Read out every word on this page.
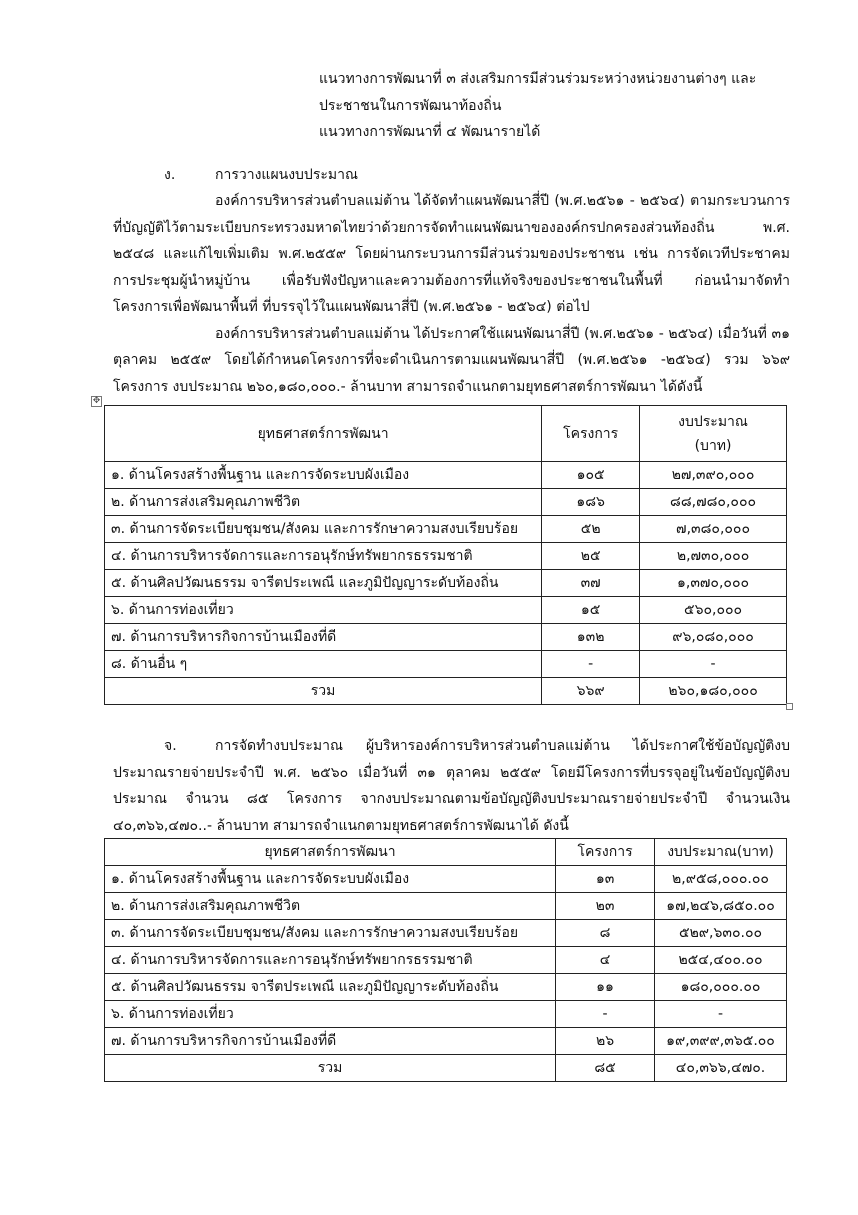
แนวทางการพัฒนาที่ ๓ ส่งเสริมการมีส่วนร่วมระหว่างหน่วยงานต่างๆ และ
ประชาชนในการพัฒนาท้องถิ่น
แนวทางการพัฒนาที่ ๔ พัฒนารายได้
ง.	การวางแผนงบประมาณ

องค์การบริหารส่วนตำบลแม่ต้าน ได้จัดทำแผนพัฒนาสี่ปี (พ.ศ.๒๕๖๑ - ๒๕๖๔) ตามกระบวนการที่บัญญัติไว้ตามระเบียบกระทรวงมหาดไทยว่าด้วยการจัดทำแผนพัฒนาขององค์กรปกครองส่วนท้องถิ่น พ.ศ. ๒๕๔๘ และแก้ไขเพิ่มเติม พ.ศ.๒๕๕๙ โดยผ่านกระบวนการมีส่วนร่วมของประชาชน เช่น การจัดเวทีประชาคม การประชุมผู้นำหมู่บ้าน เพื่อรับฟังปัญหาและความต้องการที่แท้จริงของประชาชนในพื้นที่ ก่อนนำมาจัดทำโครงการเพื่อพัฒนาพื้นที่ ที่บรรจุไว้ในแผนพัฒนาสี่ปี (พ.ศ.๒๕๖๑ - ๒๕๖๔) ต่อไป

องค์การบริหารส่วนตำบลแม่ต้าน ได้ประกาศใช้แผนพัฒนาสี่ปี (พ.ศ.๒๕๖๑ - ๒๕๖๔) เมื่อวันที่ ๓๑ ตุลาคม ๒๕๕๙ โดยได้กำหนดโครงการที่จะดำเนินการตามแผนพัฒนาสี่ปี (พ.ศ.๒๕๖๑ -๒๕๖๔) รวม ๖๖๙ โครงการ งบประมาณ ๒๖๐,๑๘๐,๐๐๐.- ล้านบาท สามารถจำแนกตามยุทธศาสตร์การพัฒนา ได้ดังนี้

✥
ยุทธศาสตร์การพัฒนา	โครงการ	งบประมาณ
(บาท)

๑. ด้านโครงสร้างพื้นฐาน และการจัดระบบผังเมือง	๑๐๕	๒๗,๓๙๐,๐๐๐
๒. ด้านการส่งเสริมคุณภาพชีวิต	๑๘๖	๘๘,๗๘๐,๐๐๐
๓. ด้านการจัดระเบียบชุมชน/สังคม และการรักษาความสงบเรียบร้อย	๕๒	๗,๓๘๐,๐๐๐
๔. ด้านการบริหารจัดการและการอนุรักษ์ทรัพยากรธรรมชาติ	๒๕	๒,๗๓๐,๐๐๐
๕. ด้านศิลปวัฒนธรรม จารีตประเพณี และภูมิปัญญาระดับท้องถิ่น	๓๗	๑,๓๗๐,๐๐๐
๖. ด้านการท่องเที่ยว	๑๕	๕๖๐,๐๐๐
๗. ด้านการบริหารกิจการบ้านเมืองที่ดี	๑๓๒	๙๖,๐๘๐,๐๐๐
๘. ด้านอื่น ๆ	-	-
รวม	๖๖๙	๒๖๐,๑๘๐,๐๐๐

จ.	การจัดทำงบประมาณ ผู้บริหารองค์การบริหารส่วนตำบลแม่ต้าน ได้ประกาศใช้ข้อบัญญัติงบประมาณรายจ่ายประจำปี พ.ศ. ๒๕๖๐ เมื่อวันที่ ๓๑ ตุลาคม ๒๕๕๙ โดยมีโครงการที่บรรจุอยู่ในข้อบัญญัติงบประมาณ จำนวน ๘๕ โครงการ จากงบประมาณตามข้อบัญญัติงบประมาณรายจ่ายประจำปี จำนวนเงิน ๔๐,๓๖๖,๔๗๐..- ล้านบาท สามารถจำแนกตามยุทธศาสตร์การพัฒนาได้ ดังนี้

ยุทธศาสตร์การพัฒนา	โครงการ	งบประมาณ(บาท)
๑. ด้านโครงสร้างพื้นฐาน และการจัดระบบผังเมือง	๑๓	๒,๙๕๘,๐๐๐.๐๐
๒. ด้านการส่งเสริมคุณภาพชีวิต	๒๓	๑๗,๒๔๖,๘๕๐.๐๐
๓. ด้านการจัดระเบียบชุมชน/สังคม และการรักษาความสงบเรียบร้อย	๘	๕๒๙,๖๓๐.๐๐
๔. ด้านการบริหารจัดการและการอนุรักษ์ทรัพยากรธรรมชาติ	๔	๒๕๔,๔๐๐.๐๐
๕. ด้านศิลปวัฒนธรรม จารีตประเพณี และภูมิปัญญาระดับท้องถิ่น	๑๑	๑๘๐,๐๐๐.๐๐
๖. ด้านการท่องเที่ยว	-	-
๗. ด้านการบริหารกิจการบ้านเมืองที่ดี	๒๖	๑๙,๓๙๙,๓๖๕.๐๐
รวม	๘๕	๔๐,๓๖๖,๔๗๐.
